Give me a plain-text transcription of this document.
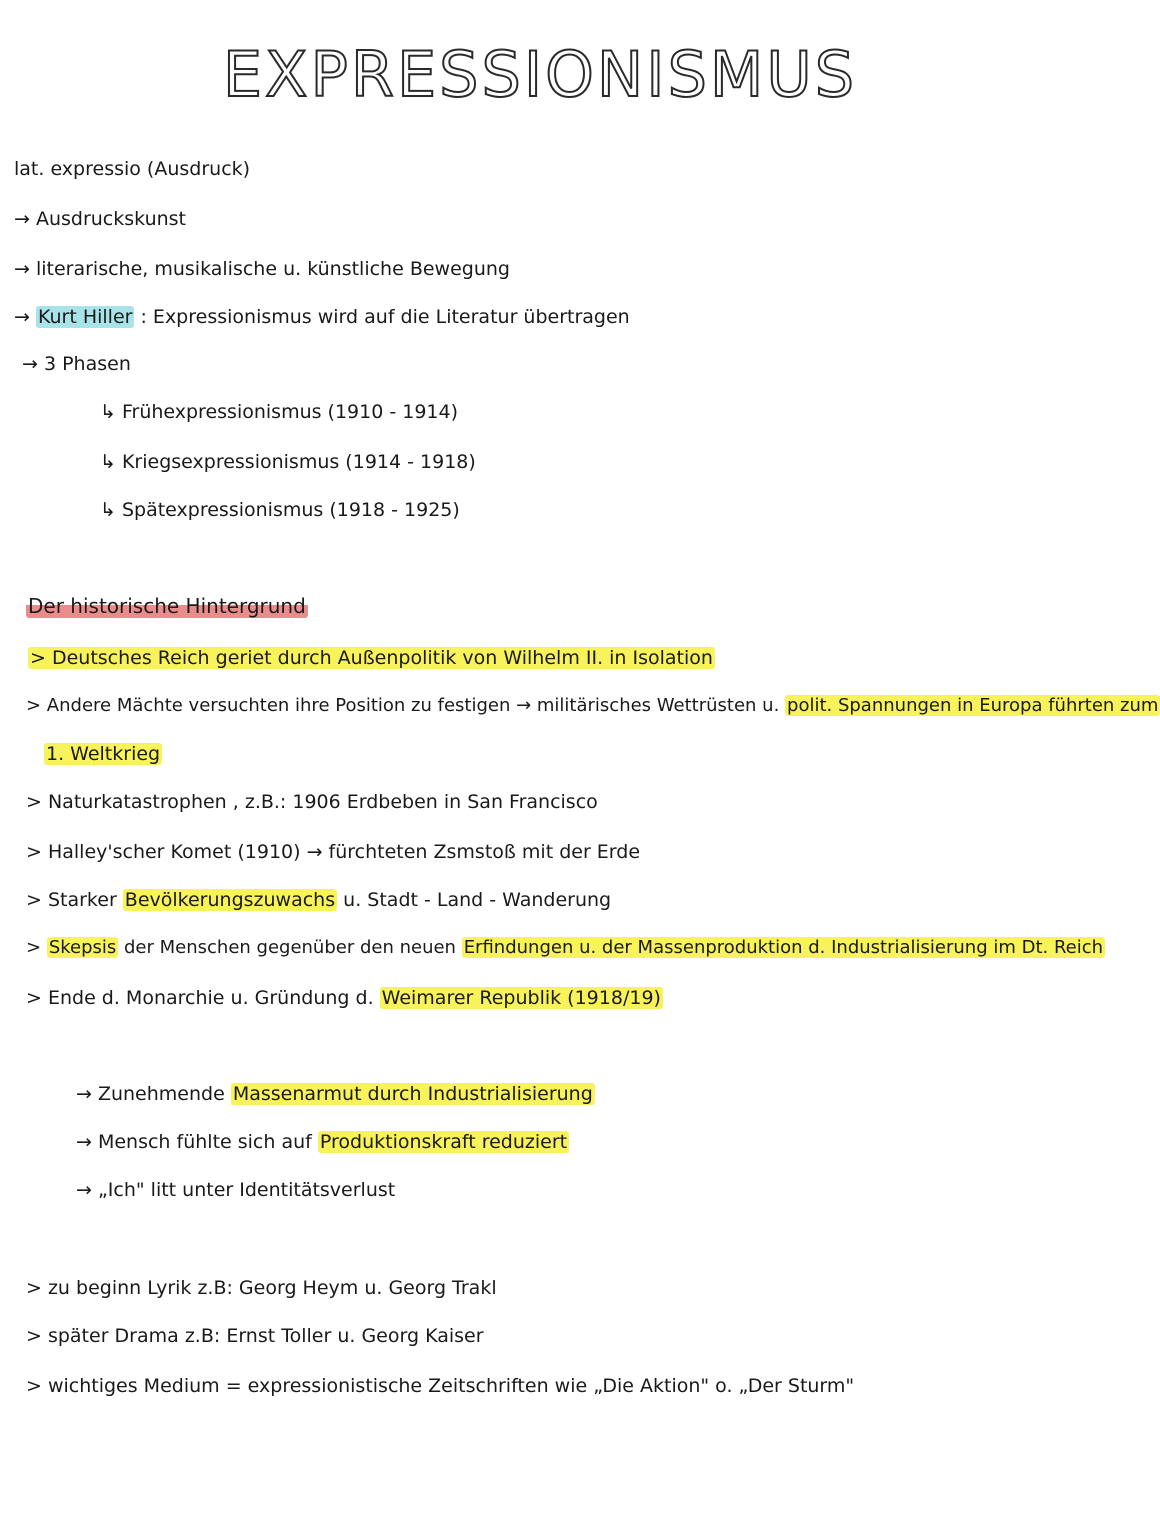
EXPRESSIONISMUS
lat. expressio (Ausdruck)
→ Ausdruckskunst
→ literarische, musikalische u. künstliche Bewegung
→ Kurt Hiller : Expressionismus wird auf die Literatur übertragen
→ 3 Phasen
↳ Frühexpressionismus (1910 - 1914)
↳ Kriegsexpressionismus (1914 - 1918)
↳ Spätexpressionismus (1918 - 1925)
Der historische Hintergrund
> Deutsches Reich geriet durch Außenpolitik von Wilhelm II. in Isolation
> Andere Mächte versuchten ihre Position zu festigen → militärisches Wettrüsten u. polit. Spannungen in Europa führten zum
1. Weltkrieg
> Naturkatastrophen , z.B.: 1906 Erdbeben in San Francisco
> Halley'scher Komet (1910) → fürchteten Zsmstoß mit der Erde
> Starker Bevölkerungszuwachs u. Stadt - Land - Wanderung
> Skepsis der Menschen gegenüber den neuen Erfindungen u. der Massenproduktion d. Industrialisierung im Dt. Reich
> Ende d. Monarchie u. Gründung d. Weimarer Republik (1918/19)
→ Zunehmende Massenarmut durch Industrialisierung
→ Mensch fühlte sich auf Produktionskraft reduziert
→ „Ich" litt unter Identitätsverlust
> zu beginn Lyrik z.B: Georg Heym u. Georg Trakl
> später Drama z.B: Ernst Toller u. Georg Kaiser
> wichtiges Medium = expressionistische Zeitschriften wie „Die Aktion" o. „Der Sturm"
